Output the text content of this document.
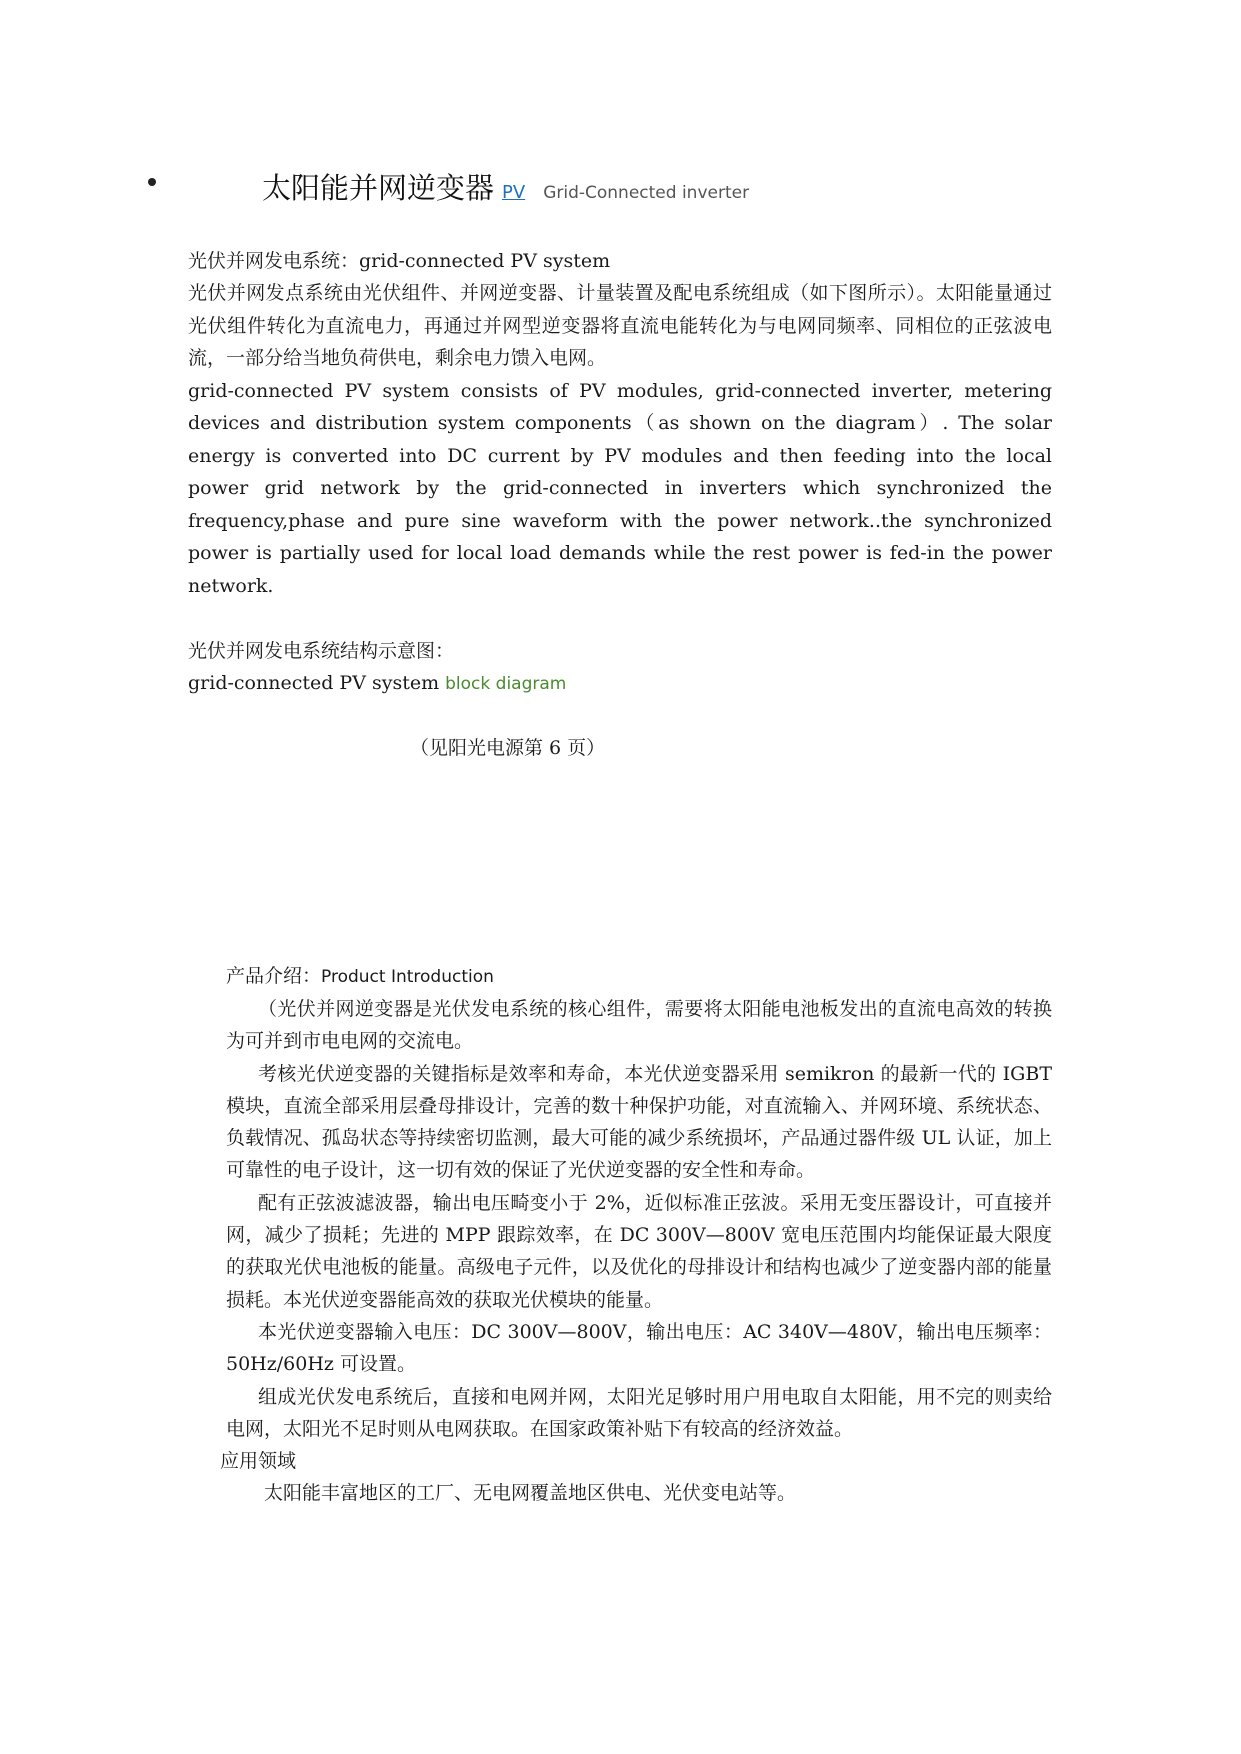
太阳能并网逆变器 PV Grid-Connected inverter

光伏并网发电系统：grid-connected PV system

光伏并网发点系统由光伏组件、并网逆变器、计量装置及配电系统组成（如下图所示）。太阳能量通过光伏组件转化为直流电力，再通过并网型逆变器将直流电能转化为与电网同频率、同相位的正弦波电流，一部分给当地负荷供电，剩余电力馈入电网。

grid-connected PV system consists of PV modules, grid-connected inverter, metering devices and distribution system components（as shown on the diagram）. The solar energy is converted into DC current by PV modules and then feeding into the local power grid network by the grid-connected in inverters which synchronized the frequency,phase and pure sine waveform with the power network..the synchronized power is partially used for local load demands while the rest power is fed-in the power network.

光伏并网发电系统结构示意图：

grid-connected PV system block diagram

（见阳光电源第 6 页）

产品介绍：Product Introduction

（光伏并网逆变器是光伏发电系统的核心组件，需要将太阳能电池板发出的直流电高效的转换为可并到市电电网的交流电。

考核光伏逆变器的关键指标是效率和寿命，本光伏逆变器采用 semikron 的最新一代的 IGBT 模块，直流全部采用层叠母排设计，完善的数十种保护功能，对直流输入、并网环境、系统状态、负载情况、孤岛状态等持续密切监测，最大可能的减少系统损坏，产品通过器件级 UL 认证，加上可靠性的电子设计，这一切有效的保证了光伏逆变器的安全性和寿命。

配有正弦波滤波器，输出电压畸变小于 2%，近似标准正弦波。采用无变压器设计，可直接并网，减少了损耗；先进的 MPP 跟踪效率，在 DC 300V—800V 宽电压范围内均能保证最大限度的获取光伏电池板的能量。高级电子元件，以及优化的母排设计和结构也减少了逆变器内部的能量损耗。本光伏逆变器能高效的获取光伏模块的能量。

本光伏逆变器输入电压：DC 300V—800V，输出电压：AC 340V—480V，输出电压频率：50Hz/60Hz 可设置。

组成光伏发电系统后，直接和电网并网，太阳光足够时用户用电取自太阳能，用不完的则卖给电网，太阳光不足时则从电网获取。在国家政策补贴下有较高的经济效益。

应用领域

太阳能丰富地区的工厂、无电网覆盖地区供电、光伏变电站等。
